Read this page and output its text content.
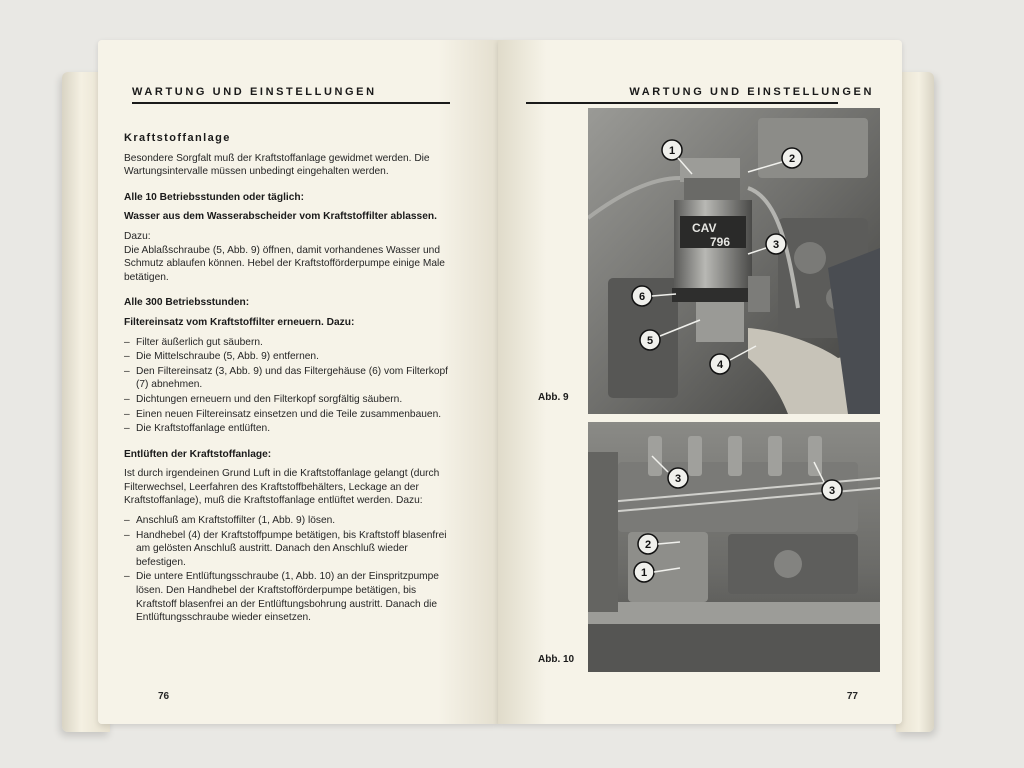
WARTUNG UND EINSTELLUNGEN

Kraftstoffanlage

Besondere Sorgfalt muß der Kraftstoffanlage gewidmet werden. Die Wartungsintervalle müssen unbedingt eingehalten werden.

Alle 10 Betriebsstunden oder täglich:

Wasser aus dem Wasserabscheider vom Kraftstoffilter ablassen.

Dazu:

Die Ablaßschraube (5, Abb. 9) öffnen, damit vorhandenes Wasser und Schmutz ablaufen können. Hebel der Kraftstofförderpumpe einige Male betätigen.

Alle 300 Betriebsstunden:

Filtereinsatz vom Kraftstoffilter erneuern. Dazu:

– Filter äußerlich gut säubern.
– Die Mittelschraube (5, Abb. 9) entfernen.
– Den Filtereinsatz (3, Abb. 9) und das Filtergehäuse (6) vom Filterkopf (7) abnehmen.
– Dichtungen erneuern und den Filterkopf sorgfältig säubern.
– Einen neuen Filtereinsatz einsetzen und die Teile zusammenbauen.
– Die Kraftstoffanlage entlüften.

Entlüften der Kraftstoffanlage:

Ist durch irgendeinen Grund Luft in die Kraftstoffanlage gelangt (durch Filterwechsel, Leerfahren des Kraftstoffbehälters, Leckage an der Kraftstoffanlage), muß die Kraftstoffanlage entlüftet werden. Dazu:

– Anschluß am Kraftstoffilter (1, Abb. 9) lösen.
– Handhebel (4) der Kraftstoffpumpe betätigen, bis Kraftstoff blasenfrei am gelösten Anschluß austritt. Danach den Anschluß wieder befestigen.
– Die untere Entlüftungsschraube (1, Abb. 10) an der Einspritzpumpe lösen. Den Handhebel der Kraftstofförderpumpe betätigen, bis Kraftstoff blasenfrei an der Entlüftungsbohrung austritt. Danach die Entlüftungsschraube wieder einsetzen.
76
WARTUNG UND EINSTELLUNGEN
CAV
796
1
2
3
6
5
4
Abb. 9
3
3
2
1
Abb. 10
77
